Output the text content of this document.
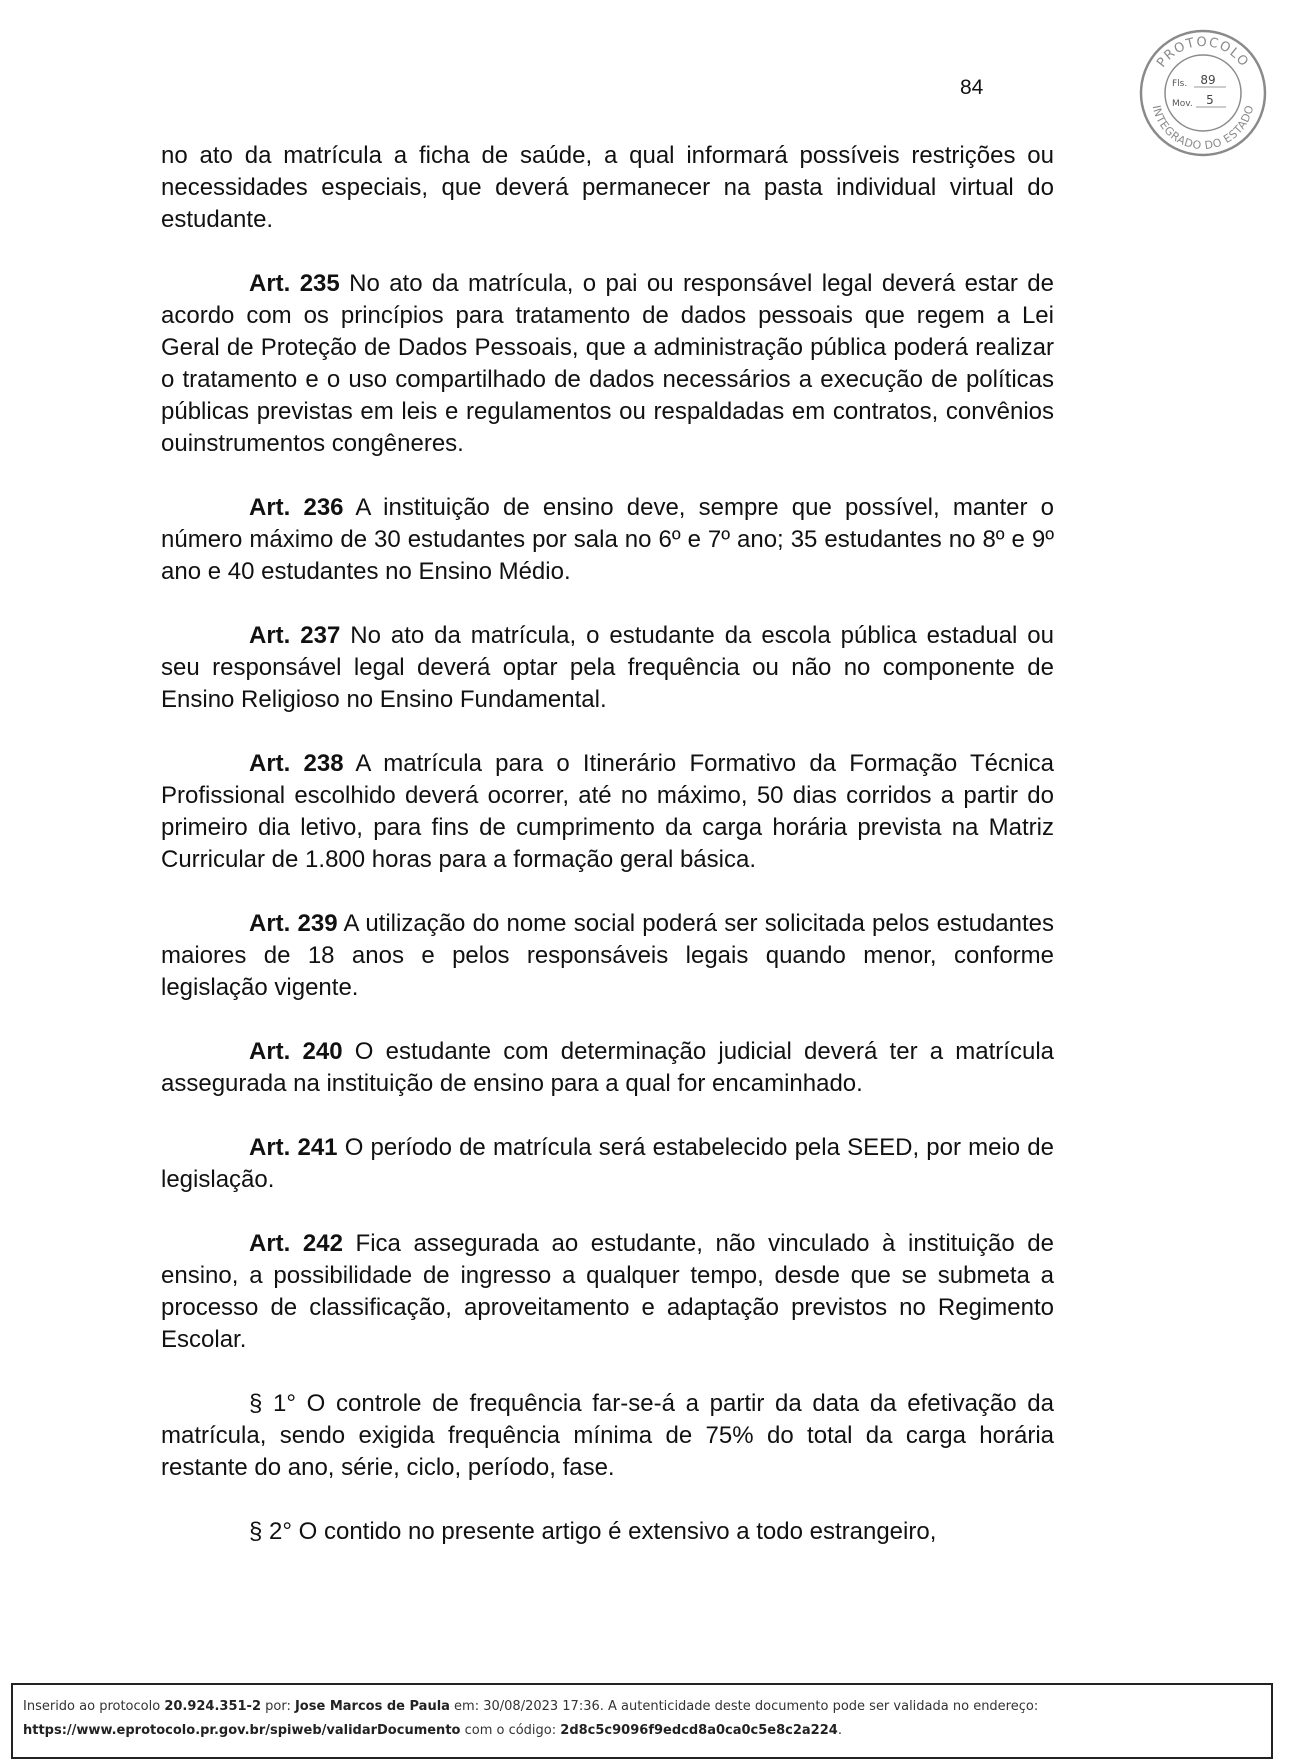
84
PROTOCOLO
INTEGRADO DO ESTADO
Fls. 89
Mov. 5

no ato da matrícula a ficha de saúde, a qual informará possíveis restrições ou necessidades especiais, que deverá permanecer na pasta individual virtual do estudante.

Art. 235 No ato da matrícula, o pai ou responsável legal deverá estar de acordo com os princípios para tratamento de dados pessoais que regem a Lei Geral de Proteção de Dados Pessoais, que a administração pública poderá realizar o tratamento e o uso compartilhado de dados necessários a execução de políticas públicas previstas em leis e regulamentos ou respaldadas em contratos, convênios ouinstrumentos congêneres.

Art. 236 A instituição de ensino deve, sempre que possível, manter o número máximo de 30 estudantes por sala no 6º e 7º ano; 35 estudantes no 8º e 9º ano e 40 estudantes no Ensino Médio.

Art. 237 No ato da matrícula, o estudante da escola pública estadual ou seu responsável legal deverá optar pela frequência ou não no componente de Ensino Religioso no Ensino Fundamental.

Art. 238 A matrícula para o Itinerário Formativo da Formação Técnica Profissional escolhido deverá ocorrer, até no máximo, 50 dias corridos a partir do primeiro dia letivo, para fins de cumprimento da carga horária prevista na Matriz Curricular de 1.800 horas para a formação geral básica.

Art. 239 A utilização do nome social poderá ser solicitada pelos estudantes maiores de 18 anos e pelos responsáveis legais quando menor, conforme legislação vigente.

Art. 240 O estudante com determinação judicial deverá ter a matrícula assegurada na instituição de ensino para a qual for encaminhado.

Art. 241 O período de matrícula será estabelecido pela SEED, por meio de legislação.

Art. 242 Fica assegurada ao estudante, não vinculado à instituição de ensino, a possibilidade de ingresso a qualquer tempo, desde que se submeta a processo de classificação, aproveitamento e adaptação previstos no Regimento Escolar.

§ 1° O controle de frequência far-se-á a partir da data da efetivação da matrícula, sendo exigida frequência mínima de 75% do total da carga horária restante do ano, série, ciclo, período, fase.

§ 2° O contido no presente artigo é extensivo a todo estrangeiro,

Inserido ao protocolo 20.924.351-2 por: Jose Marcos de Paula em: 30/08/2023 17:36. A autenticidade deste documento pode ser validada no endereço:
https://www.eprotocolo.pr.gov.br/spiweb/validarDocumento com o código: 2d8c5c9096f9edcd8a0ca0c5e8c2a224.
